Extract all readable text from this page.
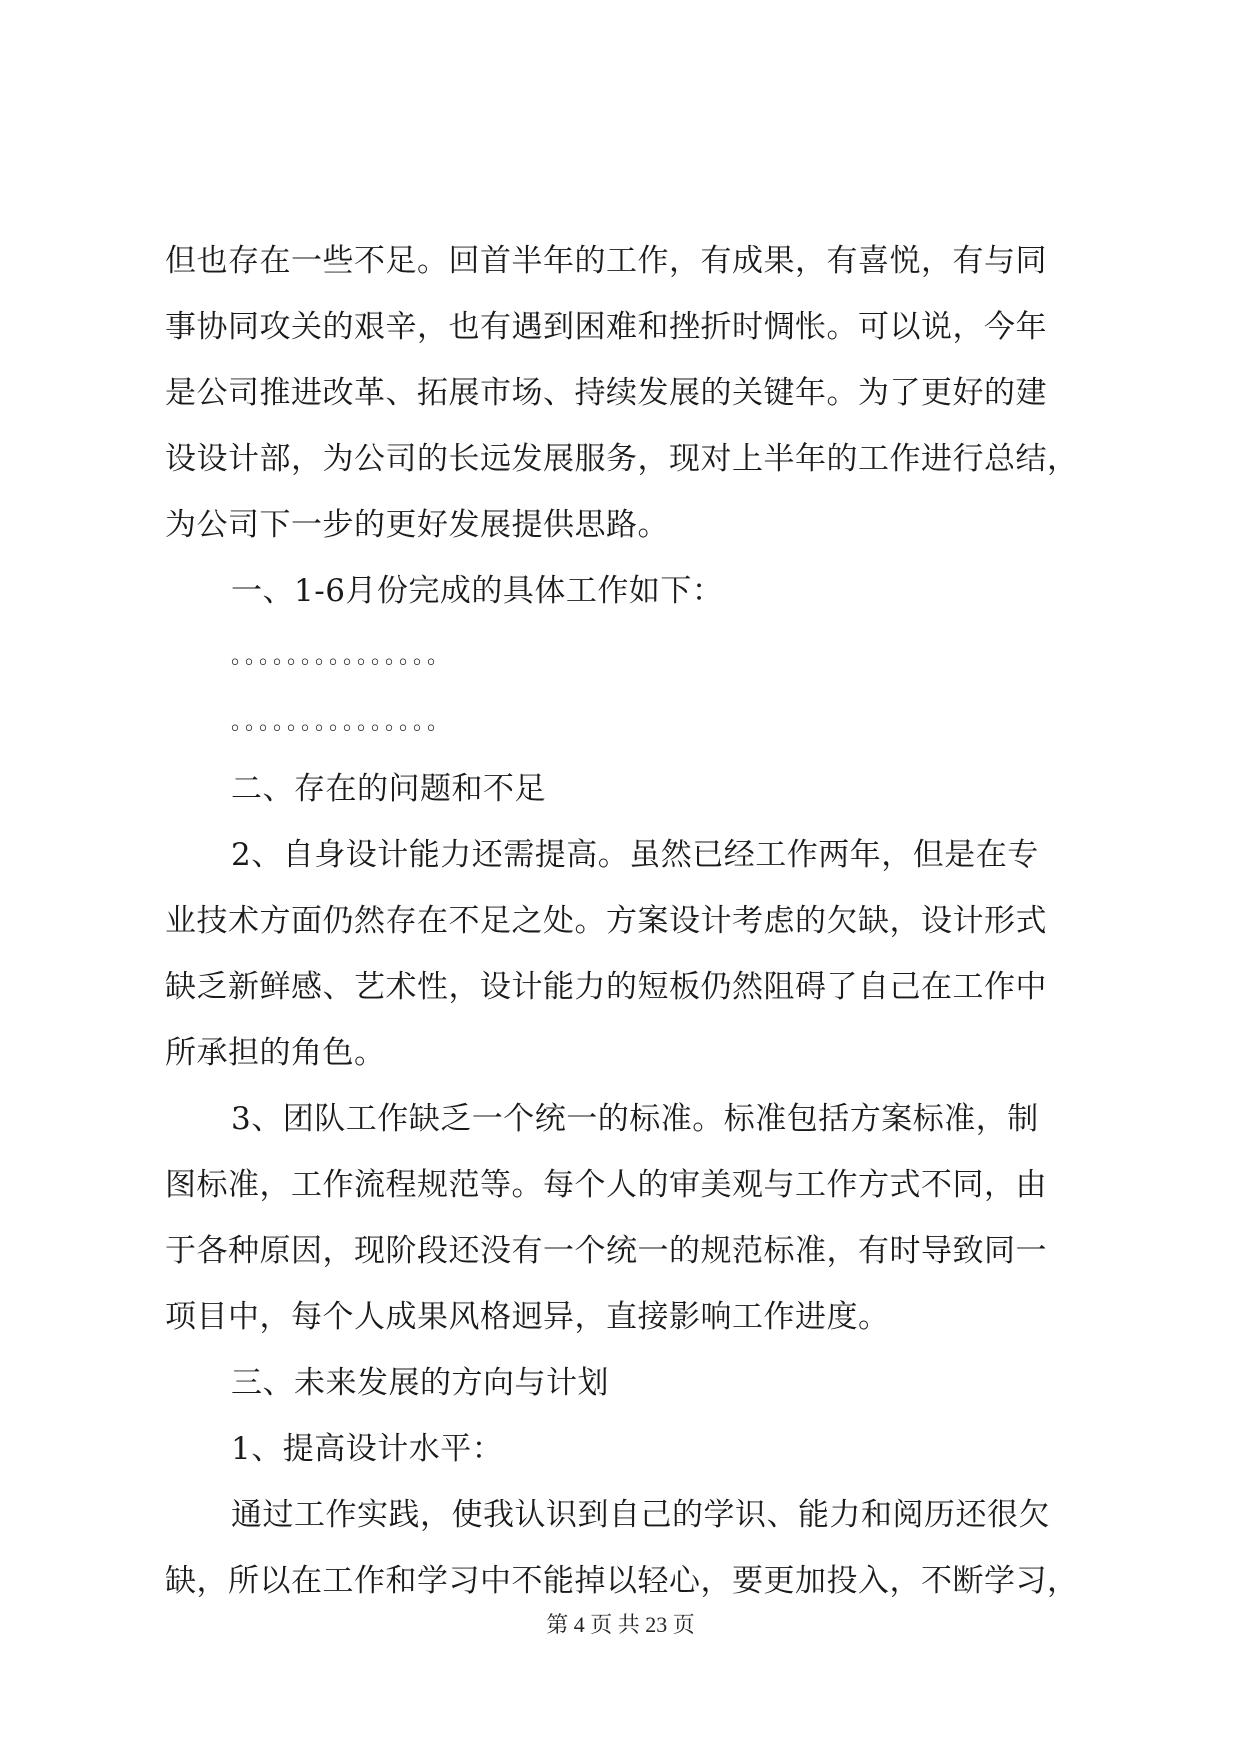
但也存在一些不足。回首半年的工作，有成果，有喜悦，有与同
事协同攻关的艰辛，也有遇到困难和挫折时惆怅。可以说，今年
是公司推进改革、拓展市场、持续发展的关键年。为了更好的建
设设计部，为公司的长远发展服务，现对上半年的工作进行总结，
为公司下一步的更好发展提供思路。
一、1-6月份完成的具体工作如下：
。。。。。。。。。。。。。。。
。。。。。。。。。。。。。。。
二、存在的问题和不足
2、自身设计能力还需提高。虽然已经工作两年，但是在专
业技术方面仍然存在不足之处。方案设计考虑的欠缺，设计形式
缺乏新鲜感、艺术性，设计能力的短板仍然阻碍了自己在工作中
所承担的角色。
3、团队工作缺乏一个统一的标准。标准包括方案标准，制
图标准，工作流程规范等。每个人的审美观与工作方式不同，由
于各种原因，现阶段还没有一个统一的规范标准，有时导致同一
项目中，每个人成果风格迥异，直接影响工作进度。
三、未来发展的方向与计划
1、提高设计水平：
通过工作实践，使我认识到自己的学识、能力和阅历还很欠
缺，所以在工作和学习中不能掉以轻心，要更加投入，不断学习，
第 4 页 共 23 页
